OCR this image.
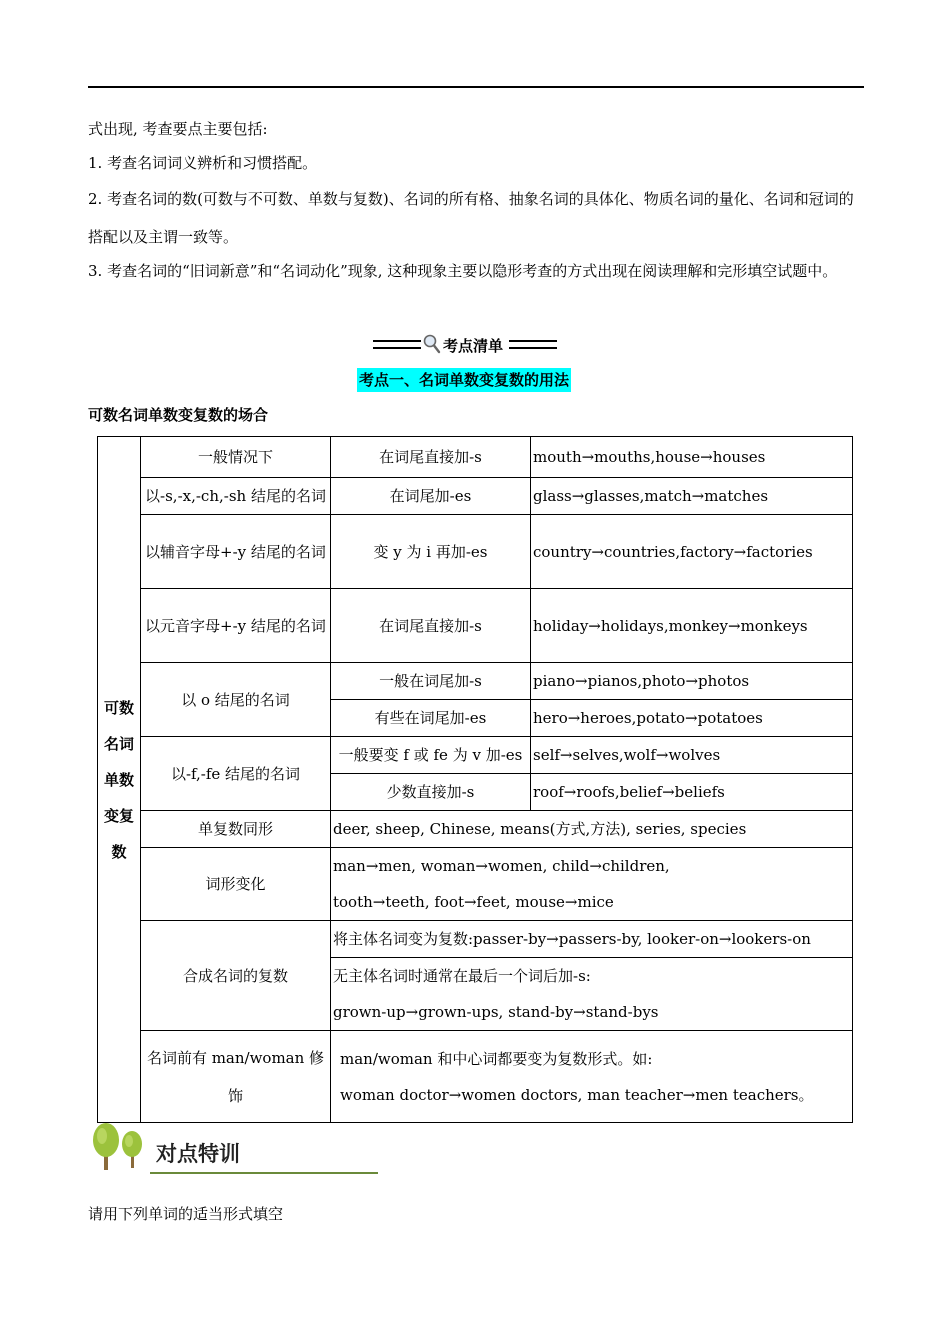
式出现, 考查要点主要包括:

1. 考查名词词义辨析和习惯搭配。

2. 考查名词的数(可数与不可数、单数与复数)、名词的所有格、抽象名词的具体化、物质名词的量化、名词和冠词的搭配以及主谓一致等。

3. 考查名词的“旧词新意”和“名词动化”现象, 这种现象主要以隐形考查的方式出现在阅读理解和完形填空试题中。

考点清单
考点一、名词单数变复数的用法
可数名词单数变复数的场合
可数
名词
单数
变复
数	一般情况下	在词尾直接加-s	mouth→mouths,house→houses
	以-s,-x,-ch,-sh 结尾的名词	在词尾加-es	glass→glasses,match→matches
	以辅音字母+-y 结尾的名词	变 y 为 i 再加-es	country→countries,factory→factories
	以元音字母+-y 结尾的名词	在词尾直接加-s	holiday→holidays,monkey→monkeys
	以 o 结尾的名词	一般在词尾加-s	piano→pianos,photo→photos
		有些在词尾加-es	hero→heroes,potato→potatoes
	以-f,-fe 结尾的名词	一般要变 f 或 fe 为 v 加-es	self→selves,wolf→wolves
		少数直接加-s	roof→roofs,belief→beliefs
	单复数同形	deer, sheep, Chinese, means(方式,方法), series, species	
	词形变化	man→men, woman→women, child→children,
tooth→teeth, foot→feet, mouse→mice	

	合成名词的复数	将主体名词变为复数:passer-by→passers-by, looker-on→lookers-on	

		无主体名词时通常在最后一个词后加-s:
grown-up→grown-ups, stand-by→stand-bys	

	名词前有 man/woman 修饰	man/woman 和中心词都要变为复数形式。如:
woman doctor→women doctors, man teacher→men teachers。	
对点特训
请用下列单词的适当形式填空
